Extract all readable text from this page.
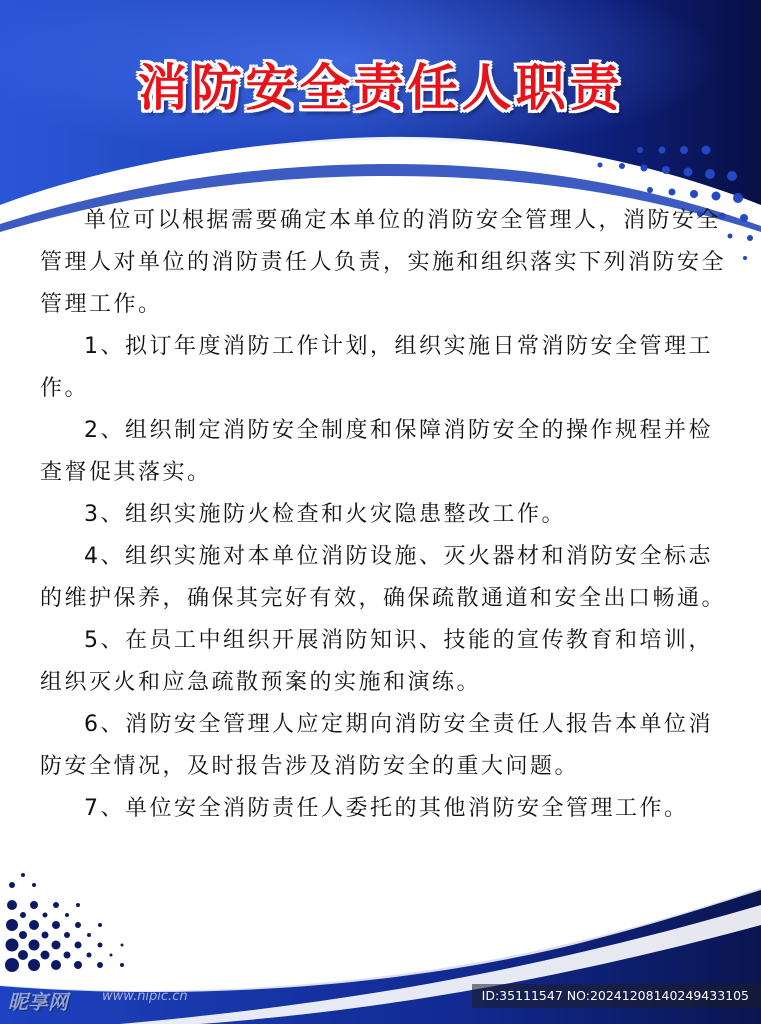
消防安全责任人职责

单位可以根据需要确定本单位的消防安全管理人，消防安全管理人对单位的消防责任人负责，实施和组织落实下列消防安全管理工作。

1、拟订年度消防工作计划，组织实施日常消防安全管理工作。

2、组织制定消防安全制度和保障消防安全的操作规程并检查督促其落实。

3、组织实施防火检查和火灾隐患整改工作。

4、组织实施对本单位消防设施、灭火器材和消防安全标志的维护保养，确保其完好有效，确保疏散通道和安全出口畅通。

5、在员工中组织开展消防知识、技能的宣传教育和培训，组织灭火和应急疏散预案的实施和演练。

6、消防安全管理人应定期向消防安全责任人报告本单位消防安全情况，及时报告涉及消防安全的重大问题。

7、单位安全消防责任人委托的其他消防安全管理工作。

昵享网	www.nipic.cn	ID:35111547 NO:20241208140249433105
